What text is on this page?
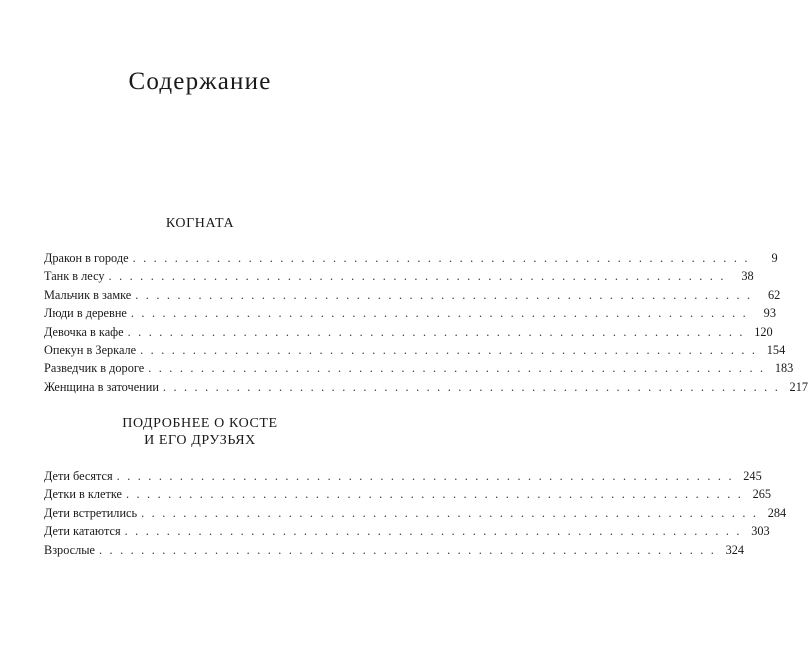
Содержание
КОГНАТА
Дракон в городе . . . . . . . . . . . . . . . . . . . . . . . . . . . . . . . . . . . . . . . . . . . . . . . . . . . . . . . . . . .	9
Танк в лесу . . . . . . . . . . . . . . . . . . . . . . . . . . . . . . . . . . . . . . . . . . . . . . . . . . . . . . . . . . .	38
Мальчик в замке . . . . . . . . . . . . . . . . . . . . . . . . . . . . . . . . . . . . . . . . . . . . . . . . . . . . . . . . . . .	62
Люди в деревне . . . . . . . . . . . . . . . . . . . . . . . . . . . . . . . . . . . . . . . . . . . . . . . . . . . . . . . . . . .	93
Девочка в кафе . . . . . . . . . . . . . . . . . . . . . . . . . . . . . . . . . . . . . . . . . . . . . . . . . . . . . . . . . . . 120
Опекун в Зеркале . . . . . . . . . . . . . . . . . . . . . . . . . . . . . . . . . . . . . . . . . . . . . . . . . . . . . . . . . . . 154
Разведчик в дороге . . . . . . . . . . . . . . . . . . . . . . . . . . . . . . . . . . . . . . . . . . . . . . . . . . . . . . . . . . . 183
Женщина в заточении . . . . . . . . . . . . . . . . . . . . . . . . . . . . . . . . . . . . . . . . . . . . . . . . . . . . . . . . . . . 217
ПОДРОБНЕЕ О КОСТЕ
И ЕГО ДРУЗЬЯХ
Дети бесятся . . . . . . . . . . . . . . . . . . . . . . . . . . . . . . . . . . . . . . . . . . . . . . . . . . . . . . . . . . . 245
Детки в клетке . . . . . . . . . . . . . . . . . . . . . . . . . . . . . . . . . . . . . . . . . . . . . . . . . . . . . . . . . . . 265
Дети встретились . . . . . . . . . . . . . . . . . . . . . . . . . . . . . . . . . . . . . . . . . . . . . . . . . . . . . . . . . . . 284
Дети катаются . . . . . . . . . . . . . . . . . . . . . . . . . . . . . . . . . . . . . . . . . . . . . . . . . . . . . . . . . . . 303
Взрослые . . . . . . . . . . . . . . . . . . . . . . . . . . . . . . . . . . . . . . . . . . . . . . . . . . . . . . . . . . . 324
